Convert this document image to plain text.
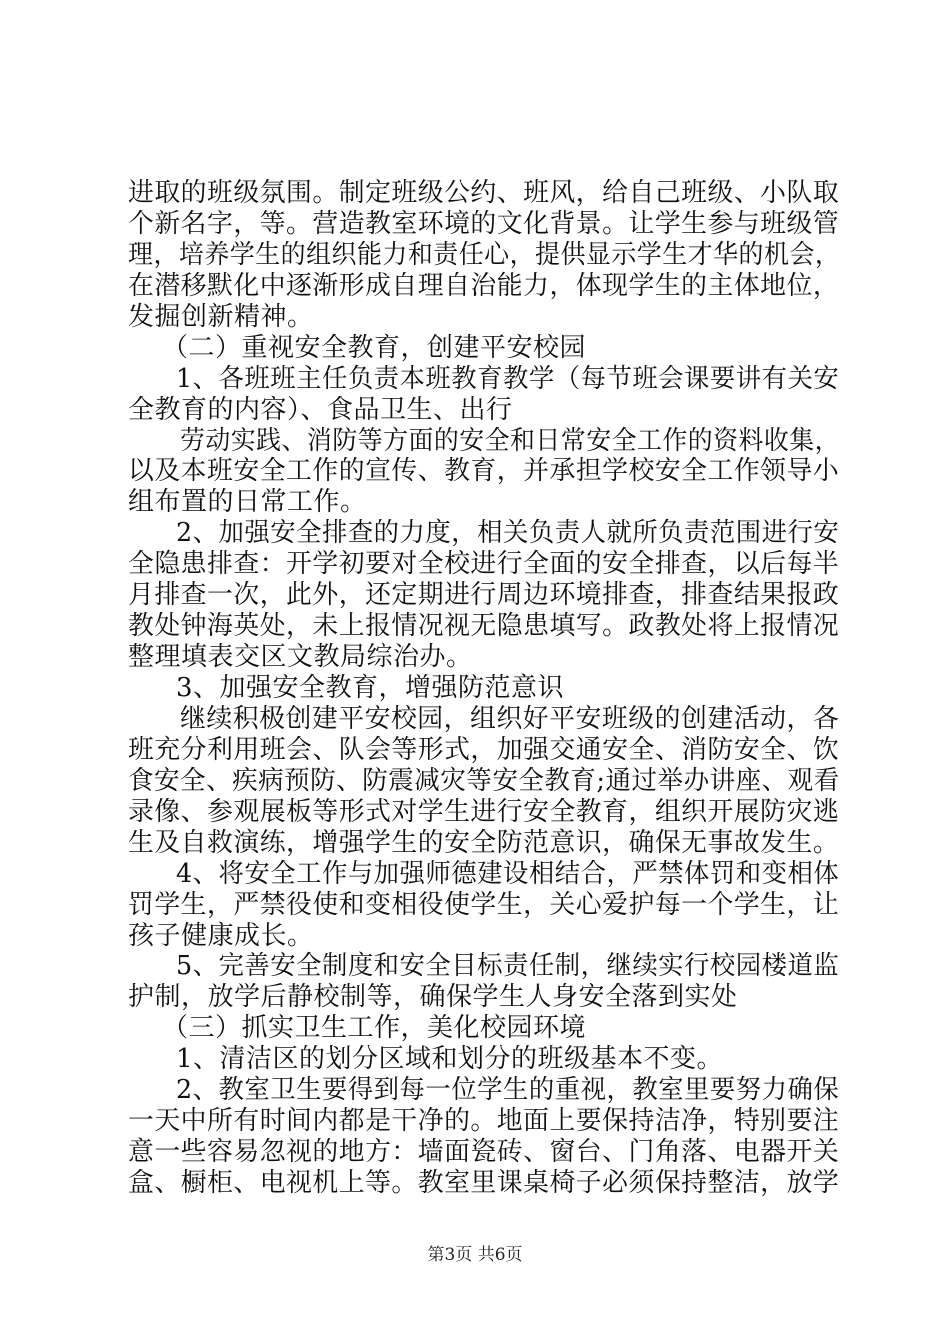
进取的班级氛围。制定班级公约、班风，给自己班级、小队取
个新名字，等。营造教室环境的文化背景。让学生参与班级管
理，培养学生的组织能力和责任心，提供显示学生才华的机会，
在潜移默化中逐渐形成自理自治能力，体现学生的主体地位，
发掘创新精神。
（二）重视安全教育，创建平安校园
1、各班班主任负责本班教育教学（每节班会课要讲有关安
全教育的内容）、食品卫生、出行
劳动实践、消防等方面的安全和日常安全工作的资料收集，
以及本班安全工作的宣传、教育，并承担学校安全工作领导小
组布置的日常工作。
2、加强安全排查的力度，相关负责人就所负责范围进行安
全隐患排查：开学初要对全校进行全面的安全排查，以后每半
月排查一次，此外，还定期进行周边环境排查，排查结果报政
教处钟海英处，未上报情况视无隐患填写。政教处将上报情况
整理填表交区文教局综治办。
3、加强安全教育，增强防范意识
继续积极创建平安校园，组织好平安班级的创建活动，各
班充分利用班会、队会等形式，加强交通安全、消防安全、饮
食安全、疾病预防、防震减灾等安全教育;通过举办讲座、观看
录像、参观展板等形式对学生进行安全教育，组织开展防灾逃
生及自救演练，增强学生的安全防范意识，确保无事故发生。
4、将安全工作与加强师德建设相结合，严禁体罚和变相体
罚学生，严禁役使和变相役使学生，关心爱护每一个学生，让
孩子健康成长。
5、完善安全制度和安全目标责任制，继续实行校园楼道监
护制，放学后静校制等，确保学生人身安全落到实处
（三）抓实卫生工作，美化校园环境
1、清洁区的划分区域和划分的班级基本不变。
2、教室卫生要得到每一位学生的重视，教室里要努力确保
一天中所有时间内都是干净的。地面上要保持洁净，特别要注
意一些容易忽视的地方：墙面瓷砖、窗台、门角落、电器开关
盒、橱柜、电视机上等。教室里课桌椅子必须保持整洁，放学
第3页 共6页
